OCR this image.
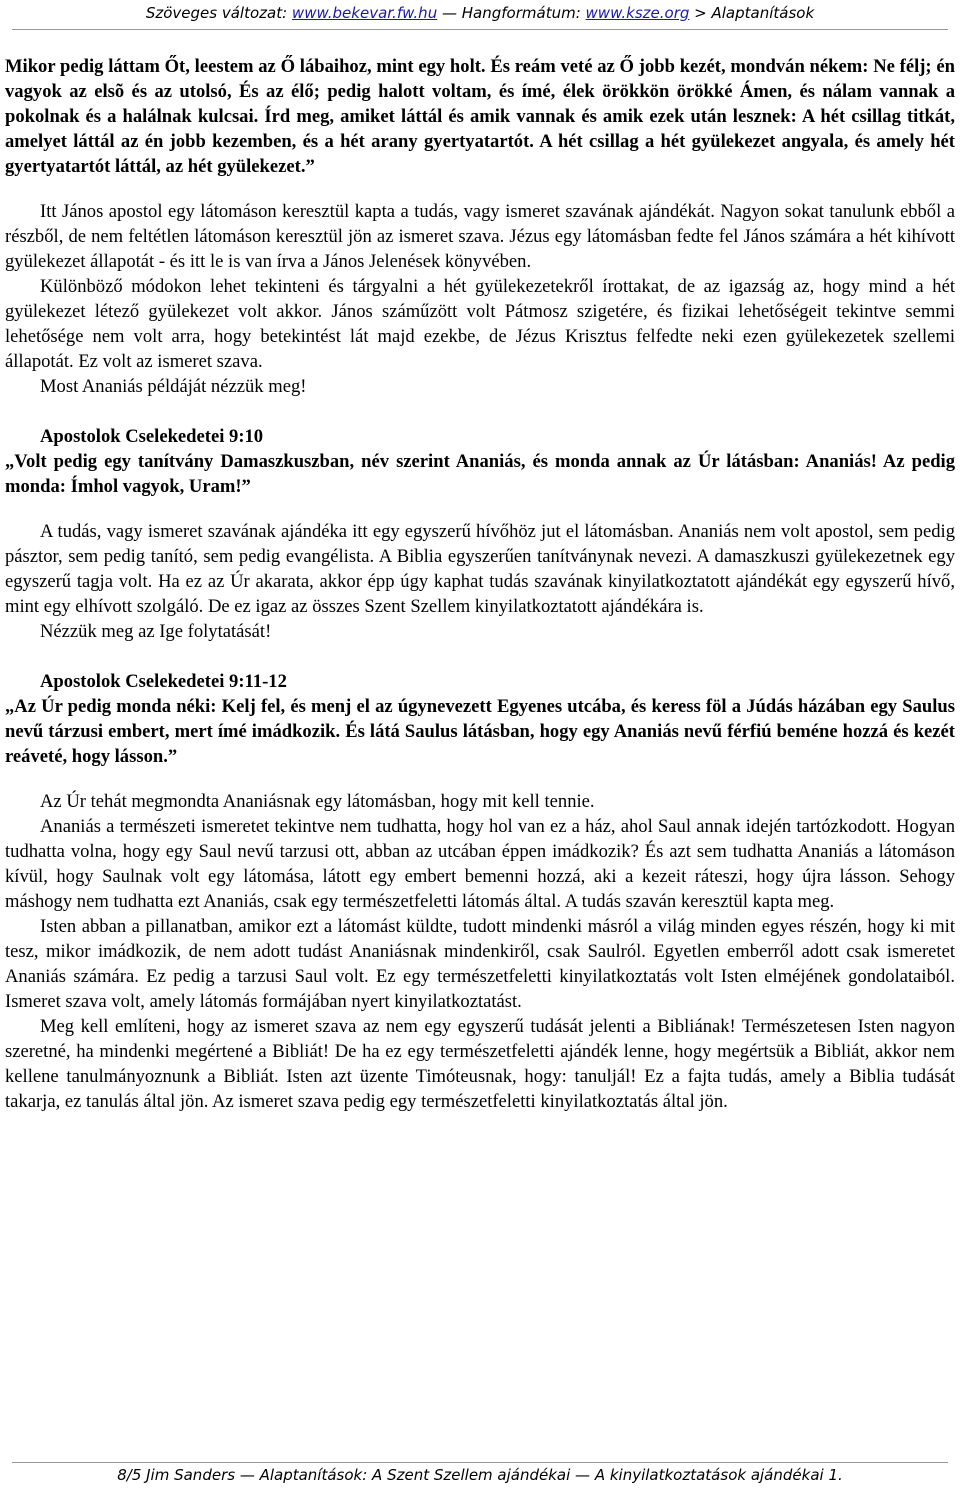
Szöveges változat: www.bekevar.fw.hu — Hangformátum: www.ksze.org > Alaptanítások

Mikor pedig láttam Őt, leestem az Ő lábaihoz, mint egy holt. És reám veté az Ő jobb kezét, mondván nékem: Ne félj; én vagyok az elsõ és az utolsó, És az élő; pedig halott voltam, és ímé, élek örökkön örökké Ámen, és nálam vannak a pokolnak és a halálnak kulcsai. Írd meg, amiket láttál és amik vannak és amik ezek után lesznek: A hét csillag titkát, amelyet láttál az én jobb kezemben, és a hét arany gyertyatartót. A hét csillag a hét gyülekezet angyala, és amely hét gyertyatartót láttál, az hét gyülekezet.”

Itt János apostol egy látomáson keresztül kapta a tudás, vagy ismeret szavának ajándékát. Nagyon sokat tanulunk ebből a részből, de nem feltétlen látomáson keresztül jön az ismeret szava. Jézus egy látomásban fedte fel János számára a hét kihívott gyülekezet állapotát - és itt le is van írva a János Jelenések könyvében.

Különböző módokon lehet tekinteni és tárgyalni a hét gyülekezetekről írottakat, de az igazság az, hogy mind a hét gyülekezet létező gyülekezet volt akkor. János száműzött volt Pátmosz szigetére, és fizikai lehetőségeit tekintve semmi lehetősége nem volt arra, hogy betekintést lát majd ezekbe, de Jézus Krisztus felfedte neki ezen gyülekezetek szellemi állapotát. Ez volt az ismeret szava.

Most Ananiás példáját nézzük meg!

Apostolok Cselekedetei 9:10

„Volt pedig egy tanítvány Damaszkuszban, név szerint Ananiás, és monda annak az Úr látásban: Ananiás! Az pedig monda: Ímhol vagyok, Uram!”

A tudás, vagy ismeret szavának ajándéka itt egy egyszerű hívőhöz jut el látomásban. Ananiás nem volt apostol, sem pedig pásztor, sem pedig tanító, sem pedig evangélista. A Biblia egyszerűen tanítványnak nevezi. A damaszkuszi gyülekezetnek egy egyszerű tagja volt. Ha ez az Úr akarata, akkor épp úgy kaphat tudás szavának kinyilatkoztatott ajándékát egy egyszerű hívő, mint egy elhívott szolgáló. De ez igaz az összes Szent Szellem kinyilatkoztatott ajándékára is.

Nézzük meg az Ige folytatását!

Apostolok Cselekedetei 9:11-12

„Az Úr pedig monda néki: Kelj fel, és menj el az úgynevezett Egyenes utcába, és keress föl a Júdás házában egy Saulus nevű tárzusi embert, mert ímé imádkozik. És látá Saulus látásban, hogy egy Ananiás nevű férfiú beméne hozzá és kezét reáveté, hogy lásson.”

Az Úr tehát megmondta Ananiásnak egy látomásban, hogy mit kell tennie.

Ananiás a természeti ismeretet tekintve nem tudhatta, hogy hol van ez a ház, ahol Saul annak idején tartózkodott. Hogyan tudhatta volna, hogy egy Saul nevű tarzusi ott, abban az utcában éppen imádkozik? És azt sem tudhatta Ananiás a látomáson kívül, hogy Saulnak volt egy látomása, látott egy embert bemenni hozzá, aki a kezeit ráteszi, hogy újra lásson. Sehogy máshogy nem tudhatta ezt Ananiás, csak egy természetfeletti látomás által. A tudás szaván keresztül kapta meg.

Isten abban a pillanatban, amikor ezt a látomást küldte, tudott mindenki másról a világ minden egyes részén, hogy ki mit tesz, mikor imádkozik, de nem adott tudást Ananiásnak mindenkiről, csak Saulról. Egyetlen emberről adott csak ismeretet Ananiás számára. Ez pedig a tarzusi Saul volt. Ez egy természetfeletti kinyilatkoztatás volt Isten elméjének gondolataiból. Ismeret szava volt, amely látomás formájában nyert kinyilatkoztatást.

Meg kell említeni, hogy az ismeret szava az nem egy egyszerű tudását jelenti a Bibliának! Természetesen Isten nagyon szeretné, ha mindenki megértené a Bibliát! De ha ez egy természetfeletti ajándék lenne, hogy megértsük a Bibliát, akkor nem kellene tanulmányoznunk a Bibliát. Isten azt üzente Timóteusnak, hogy: tanuljál! Ez a fajta tudás, amely a Biblia tudását takarja, ez tanulás által jön. Az ismeret szava pedig egy természetfeletti kinyilatkoztatás által jön.

8/5 Jim Sanders — Alaptanítások: A Szent Szellem ajándékai — A kinyilatkoztatások ajándékai 1.
